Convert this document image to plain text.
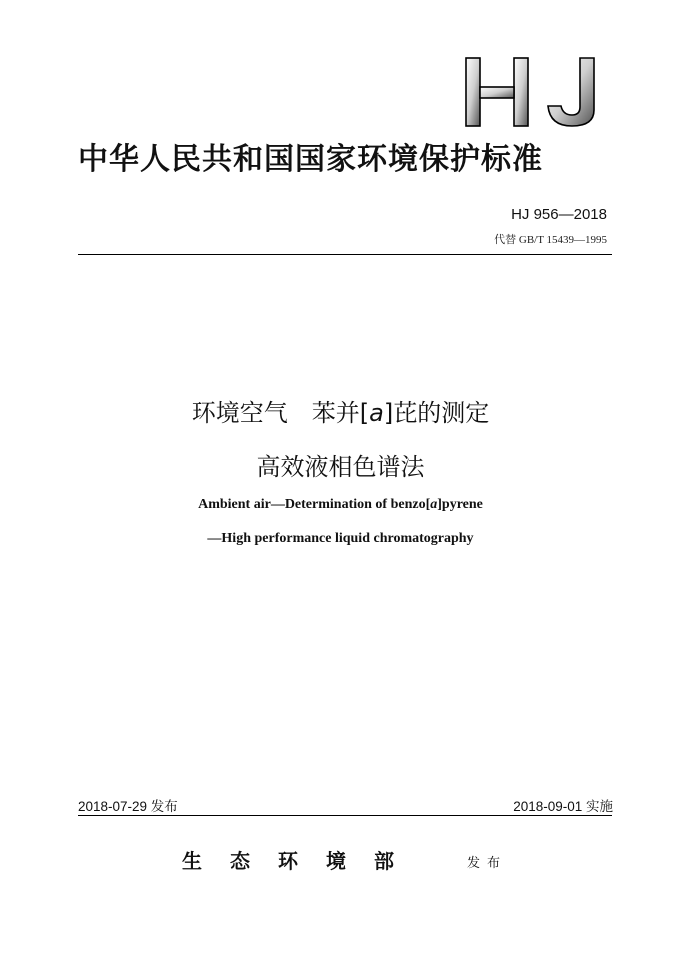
中华人民共和国国家环境保护标准
HJ 956—2018
代替 GB/T 15439—1995
环境空气 苯并[a]芘的测定
高效液相色谱法
Ambient air—Determination of benzo[a]pyrene
—High performance liquid chromatography
2018-07-29 发布	2018-09-01 实施
生态环境部	发布
